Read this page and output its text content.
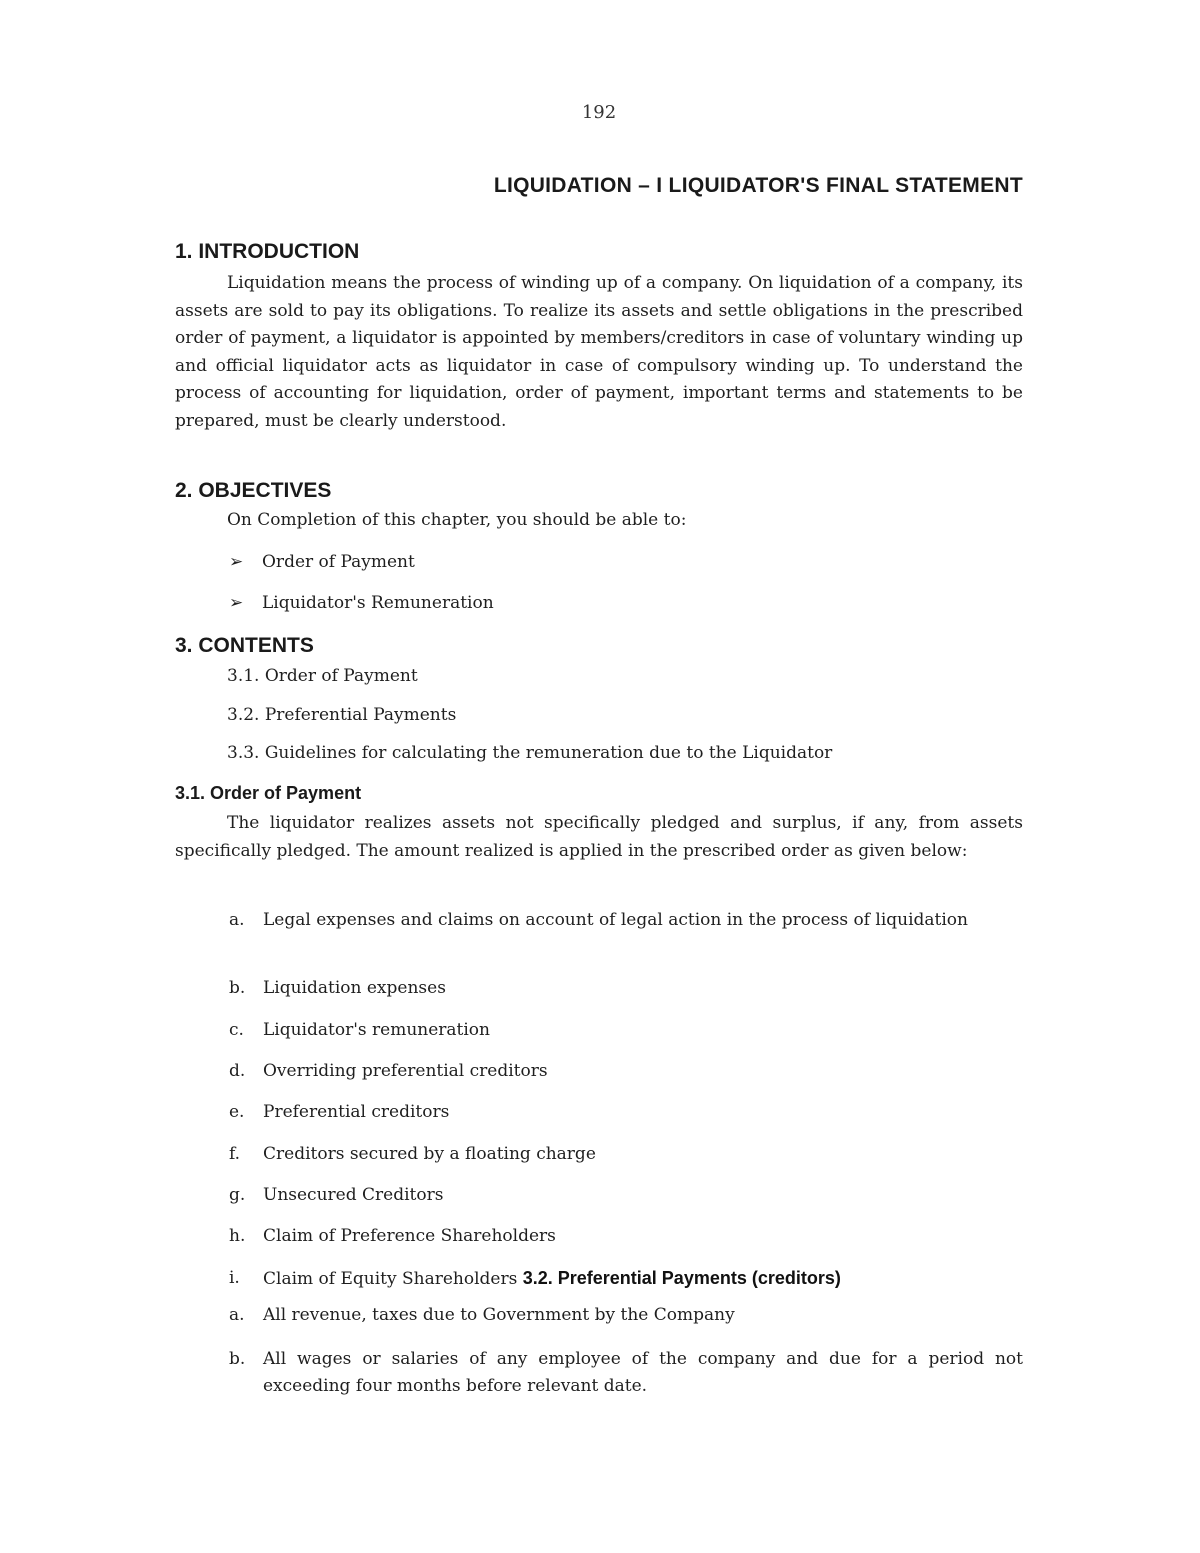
192
LIQUIDATION – I LIQUIDATOR'S FINAL STATEMENT
1. INTRODUCTION

Liquidation means the process of winding up of a company. On liquidation of a company, its assets are sold to pay its obligations. To realize its assets and settle obligations in the prescribed order of payment, a liquidator is appointed by members/creditors in case of voluntary winding up and official liquidator acts as liquidator in case of compulsory winding up. To understand the process of accounting for liquidation, order of payment, important terms and statements to be prepared, must be clearly understood.

2. OBJECTIVES

On Completion of this chapter, you should be able to:

➢ Order of Payment
➢ Liquidator's Remuneration
3. CONTENTS

3.1. Order of Payment

3.2. Preferential Payments

3.3. Guidelines for calculating the remuneration due to the Liquidator

3.1. Order of Payment

The liquidator realizes assets not specifically pledged and surplus, if any, from assets specifically pledged. The amount realized is applied in the prescribed order as given below:

a.	Legal expenses and claims on account of legal action in the process of liquidation
b.	Liquidation expenses
c.	Liquidator's remuneration
d.	Overriding preferential creditors
e.	Preferential creditors
f.	Creditors secured by a floating charge
g.	Unsecured Creditors
h.	Claim of Preference Shareholders
i.	Claim of Equity Shareholders 3.2. Preferential Payments (creditors)
a.	All revenue, taxes due to Government by the Company
b.	All wages or salaries of any employee of the company and due for a period not exceeding four months before relevant date.
